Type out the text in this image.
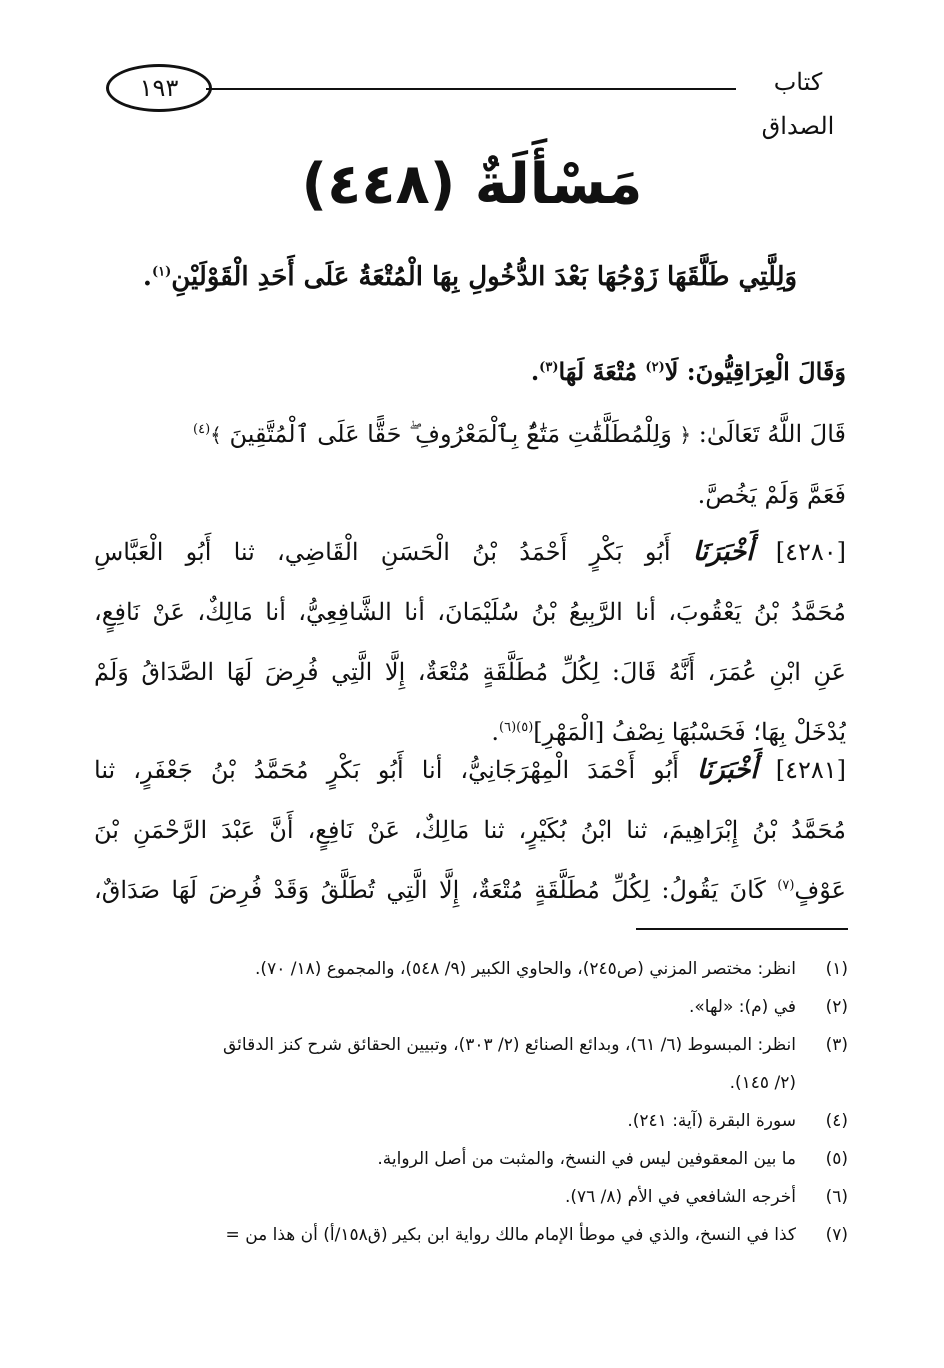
كتاب الصداق
١٩٣
مَسْأَلَةٌ (٤٤٨)
وَلِلَّتِي طَلَّقَهَا زَوْجُهَا بَعْدَ الدُّخُولِ بِهَا الْمُتْعَةُ عَلَى أَحَدِ الْقَوْلَيْنِ$^{(١)}$.
وَقَالَ الْعِرَاقِيُّونَ: لَا$^{(٢)}$ مُتْعَةَ لَهَا$^{(٣)}$.
قَالَ اللَّهُ تَعَالَىٰ: ﴿ وَلِلْمُطَلَّقَٰتِ مَتَٰعٌۢ بِٱلْمَعْرُوفِ ۖ حَقًّا عَلَى ٱلْمُتَّقِينَ ﴾$^{(٤)}$
فَعَمَّ وَلَمْ يَخُصَّ.
[٤٢٨٠] أَخْبَرَنَا أَبُو بَكْرٍ أَحْمَدُ بْنُ الْحَسَنِ الْقَاضِي، ثنا أَبُو الْعَبَّاسِ
مُحَمَّدُ بْنُ يَعْقُوبَ، أنا الرَّبِيعُ بْنُ سُلَيْمَانَ، أنا الشَّافِعِيُّ، أنا مَالِكٌ، عَنْ نَافِعٍ،
عَنِ ابْنِ عُمَرَ، أَنَّهُ قَالَ: لِكُلِّ مُطَلَّقَةٍ مُتْعَةٌ، إِلَّا الَّتِي فُرِضَ لَهَا الصَّدَاقُ وَلَمْ
يُدْخَلْ بِهَا؛ فَحَسْبُهَا نِصْفُ [الْمَهْرِ]$^{(٥)(٦)}$.
[٤٢٨١] أَخْبَرَنَا أَبُو أَحْمَدَ الْمِهْرَجَانِيُّ، أنا أَبُو بَكْرٍ مُحَمَّدُ بْنُ جَعْفَرٍ، ثنا
مُحَمَّدُ بْنُ إِبْرَاهِيمَ، ثنا ابْنُ بُكَيْرٍ، ثنا مَالِكٌ، عَنْ نَافِعٍ، أَنَّ عَبْدَ الرَّحْمَنِ بْنَ
عَوْفٍ$^{(٧)}$ كَانَ يَقُولُ: لِكُلِّ مُطَلَّقَةٍ مُتْعَةٌ، إِلَّا الَّتِي تُطَلَّقُ وَقَدْ فُرِضَ لَهَا صَدَاقٌ،
(١)
انظر: مختصر المزني (ص٢٤٥)، والحاوي الكبير (٩/ ٥٤٨)، والمجموع (١٨/ ٧٠).
(٢)
في (م): «لها».
(٣)
انظر: المبسوط (٦/ ٦١)، وبدائع الصنائع (٢/ ٣٠٣)، وتبيين الحقائق شرح كنز الدقائق
(٢/ ١٤٥).
(٤)
سورة البقرة (آية: ٢٤١).
(٥)
ما بين المعقوفين ليس في النسخ، والمثبت من أصل الرواية.
(٦)
أخرجه الشافعي في الأم (٨/ ٧٦).
(٧)
كذا في النسخ، والذي في موطأ الإمام مالك رواية ابن بكير (ق١٥٨/أ) أن هذا من =
